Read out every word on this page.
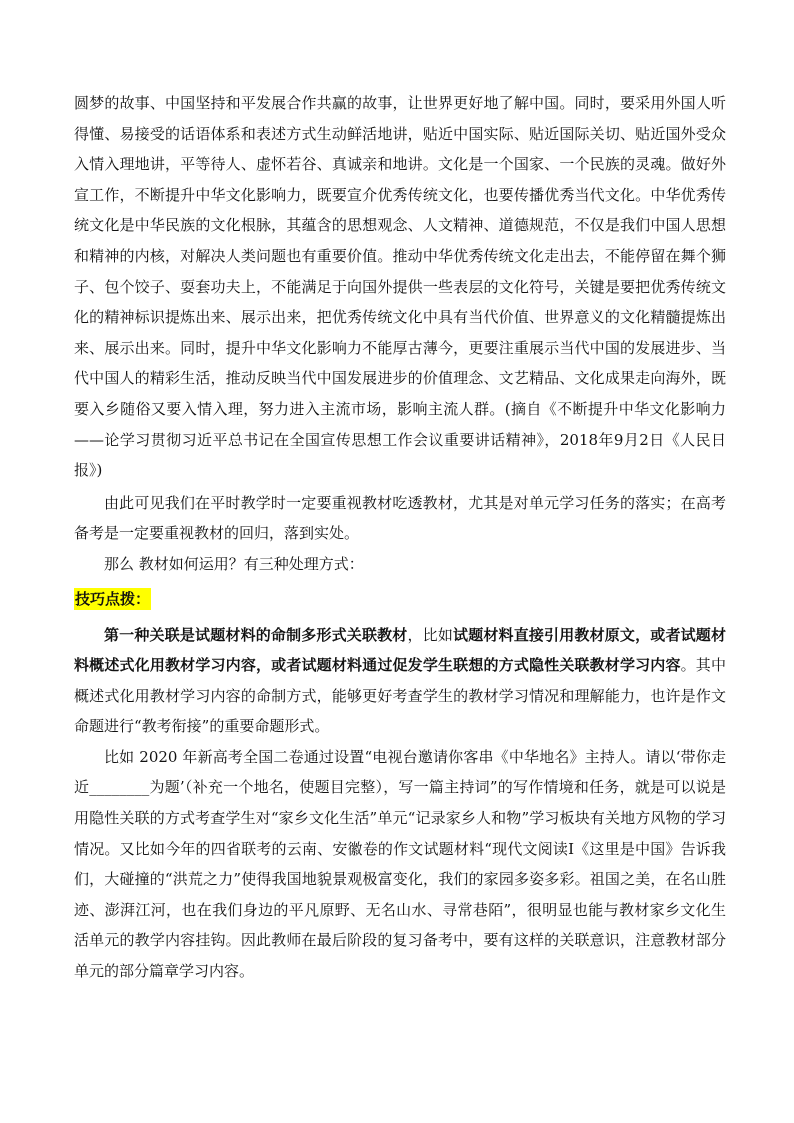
圆梦的故事、中国坚持和平发展合作共赢的故事，让世界更好地了解中国。同时，要采用外国人听得懂、易接受的话语体系和表述方式生动鲜活地讲，贴近中国实际、贴近国际关切、贴近国外受众入情入理地讲，平等待人、虚怀若谷、真诚亲和地讲。文化是一个国家、一个民族的灵魂。做好外宣工作，不断提升中华文化影响力，既要宣介优秀传统文化，也要传播优秀当代文化。中华优秀传统文化是中华民族的文化根脉，其蕴含的思想观念、人文精神、道德规范，不仅是我们中国人思想和精神的内核，对解决人类问题也有重要价值。推动中华优秀传统文化走出去，不能停留在舞个狮子、包个饺子、耍套功夫上，不能满足于向国外提供一些表层的文化符号，关键是要把优秀传统文化的精神标识提炼出来、展示出来，把优秀传统文化中具有当代价值、世界意义的文化精髓提炼出来、展示出来。同时，提升中华文化影响力不能厚古薄今，更要注重展示当代中国的发展进步、当代中国人的精彩生活，推动反映当代中国发展进步的价值理念、文艺精品、文化成果走向海外，既要入乡随俗又要入情入理，努力进入主流市场，影响主流人群。(摘自《不断提升中华文化影响力——论学习贯彻习近平总书记在全国宣传思想工作会议重要讲话精神》，2018年9月2日《人民日报》)

由此可见我们在平时教学时一定要重视教材吃透教材，尤其是对单元学习任务的落实；在高考备考是一定要重视教材的回归，落到实处。

那么 教材如何运用？有三种处理方式：

技巧点拨：

第一种关联是试题材料的命制多形式关联教材，比如试题材料直接引用教材原文，或者试题材料概述式化用教材学习内容，或者试题材料通过促发学生联想的方式隐性关联教材学习内容。其中概述式化用教材学习内容的命制方式，能够更好考查学生的教材学习情况和理解能力，也许是作文命题进行“教考衔接”的重要命题形式。

比如 2020 年新高考全国二卷通过设置“电视台邀请你客串《中华地名》主持人。请以‘带你走近________为题’（补充一个地名，使题目完整），写一篇主持词”的写作情境和任务，就是可以说是用隐性关联的方式考查学生对“家乡文化生活”单元“记录家乡人和物”学习板块有关地方风物的学习情况。又比如今年的四省联考的云南、安徽卷的作文试题材料“现代文阅读Ⅰ《这里是中国》告诉我们，大碰撞的“洪荒之力”使得我国地貌景观极富变化，我们的家园多姿多彩。祖国之美，在名山胜迹、澎湃江河，也在我们身边的平凡原野、无名山水、寻常巷陌”，很明显也能与教材家乡文化生活单元的教学内容挂钩。因此教师在最后阶段的复习备考中，要有这样的关联意识，注意教材部分单元的部分篇章学习内容。
